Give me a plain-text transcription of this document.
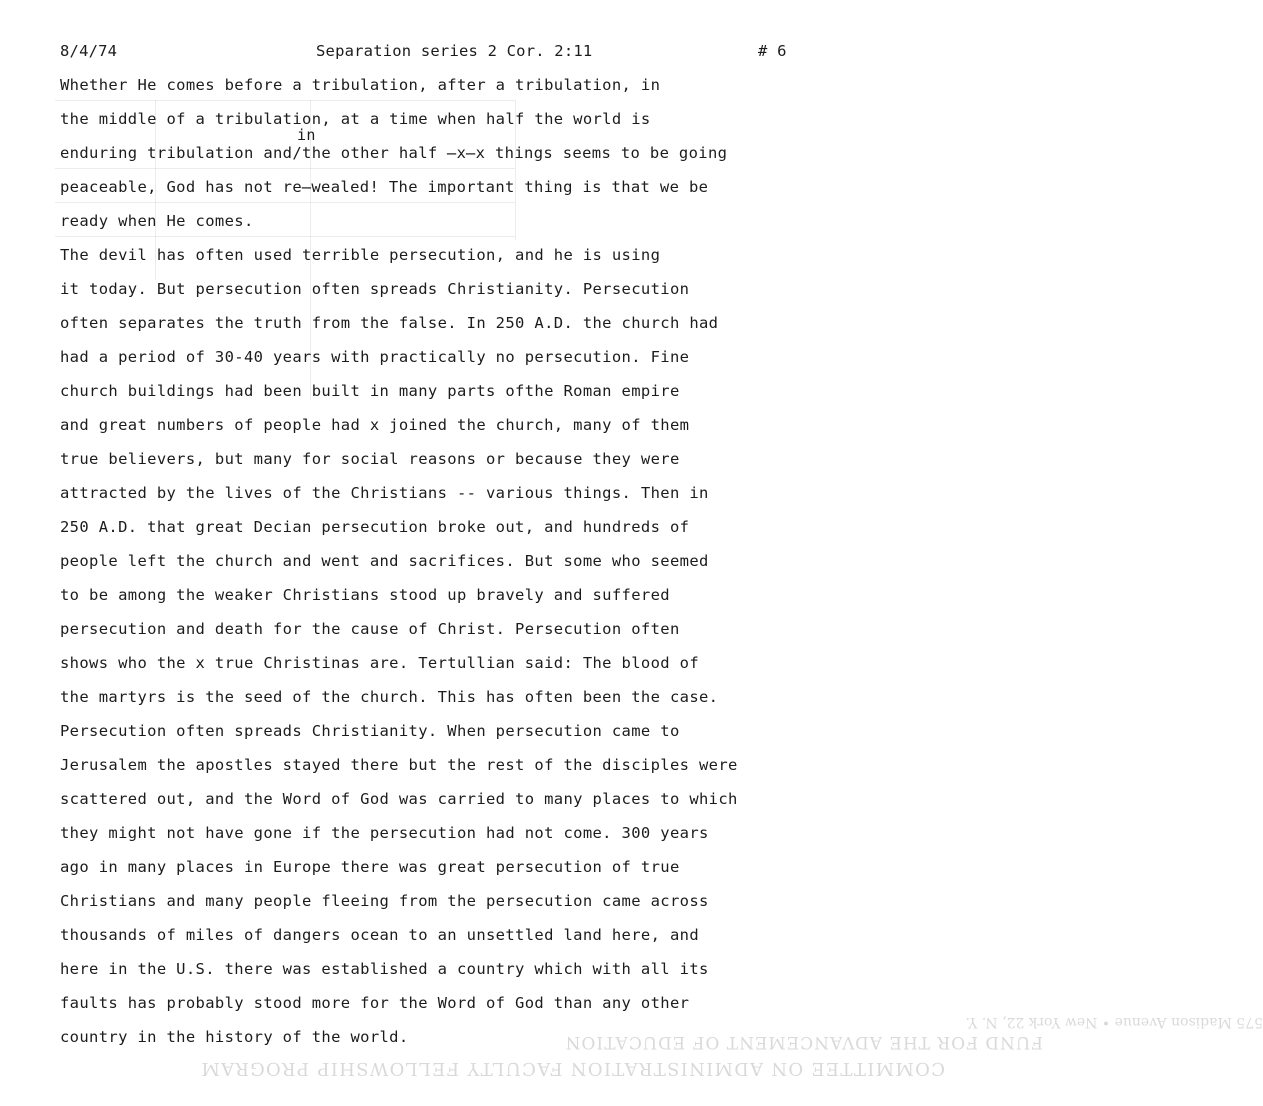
8/4/74	Separation series 2 Cor. 2:11	# 6
in
Whether He comes before a tribulation, after a tribulation, in
the middle of a tribulation, at a time when half the world is
enduring tribulation and/the other half ̶x̶x things seems to be going
peaceable, God has not re̶wealed! The important thing is that we be
ready when He comes.
The devil has often used terrible persecution, and he is using
it today. But persecution often spreads Christianity. Persecution
often separates the truth from the false. In 250 A.D. the church had
had a period of 30-40 years with practically no persecution. Fine
church buildings had been built in many parts ofthe Roman empire
and great numbers of people had x joined the church, many of them
true believers, but many for social reasons or because they were
attracted by the lives of the Christians -- various things. Then in
250 A.D. that great Decian persecution broke out, and hundreds of
people left the church and went and sacrifices. But some who seemed
to be among the weaker Christians stood up bravely and suffered
persecution and death for the cause of Christ. Persecution often
shows who the x true Christinas are. Tertullian said: The blood of
the martyrs is the seed of the church. This has often been the case.
Persecution often spreads Christianity. When persecution came to
Jerusalem the apostles stayed there but the rest of the disciples were
scattered out, and the Word of God was carried to many places to which
they might not have gone if the persecution had not come. 300 years
ago in many places in Europe there was great persecution of true
Christians and many people fleeing from the persecution came across
thousands of miles of dangers ocean to an unsettled land here, and
here in the U.S. there was established a country which with all its
faults has probably stood more for the Word of God than any other
country in the history of the world.
575 Madison Avenue • New York 22, N. Y.
FUND FOR THE ADVANCEMENT OF EDUCATION
COMMITTEE ON ADMINISTRATION FACULTY FELLOWSHIP PROGRAM
